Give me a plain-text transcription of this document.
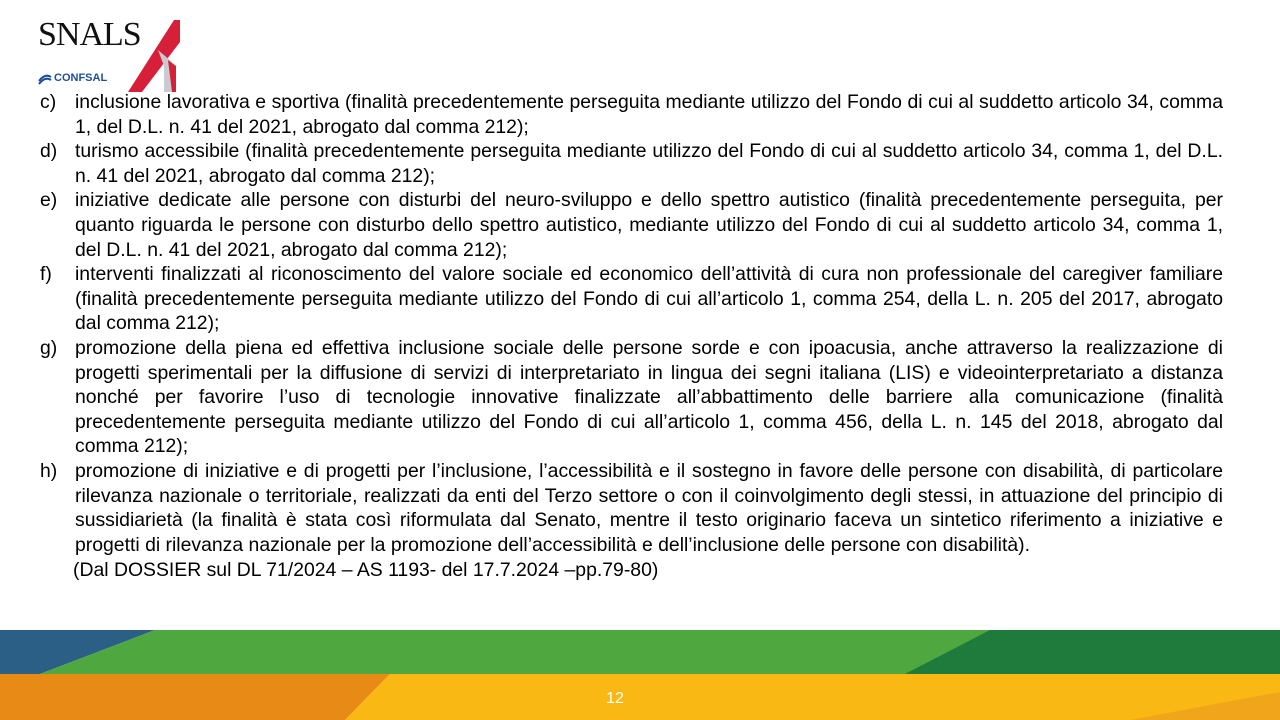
SNALS
CONFSAL
c) inclusione lavorativa e sportiva (finalità precedentemente perseguita mediante utilizzo del Fondo di cui al suddetto articolo 34, comma 1, del D.L. n. 41 del 2021, abrogato dal comma 212);
d) turismo accessibile (finalità precedentemente perseguita mediante utilizzo del Fondo di cui al suddetto articolo 34, comma 1, del D.L. n. 41 del 2021, abrogato dal comma 212);
e) iniziative dedicate alle persone con disturbi del neuro-sviluppo e dello spettro autistico (finalità precedentemente perseguita, per quanto riguarda le persone con disturbo dello spettro autistico, mediante utilizzo del Fondo di cui al suddetto articolo 34, comma 1, del D.L. n. 41 del 2021, abrogato dal comma 212);
f)	interventi finalizzati al riconoscimento del valore sociale ed economico dell’attività di cura non professionale del caregiver familiare (finalità precedentemente perseguita mediante utilizzo del Fondo di cui all’articolo 1, comma 254, della L. n. 205 del 2017, abrogato dal comma 212);
g) promozione della piena ed effettiva inclusione sociale delle persone sorde e con ipoacusia, anche attraverso la realizzazione di progetti sperimentali per la diffusione di servizi di interpretariato in lingua dei segni italiana (LIS) e videointerpretariato a distanza nonché per favorire l’uso di tecnologie innovative finalizzate all’abbattimento delle barriere alla comunicazione (finalità precedentemente perseguita mediante utilizzo del Fondo di cui all’articolo 1, comma 456, della L. n. 145 del 2018, abrogato dal comma 212);
h) promozione di iniziative e di progetti per l’inclusione, l’accessibilità e il sostegno in favore delle persone con disabilità, di particolare rilevanza nazionale o territoriale, realizzati da enti del Terzo settore o con il coinvolgimento degli stessi, in attuazione del principio di sussidiarietà (la finalità è stata così riformulata dal Senato, mentre il testo originario faceva un sintetico riferimento a iniziative e progetti di rilevanza nazionale per la promozione dell’accessibilità e dell’inclusione delle persone con disabilità).
(Dal DOSSIER sul DL 71/2024 – AS 1193- del 17.7.2024 –pp.79-80)
12
